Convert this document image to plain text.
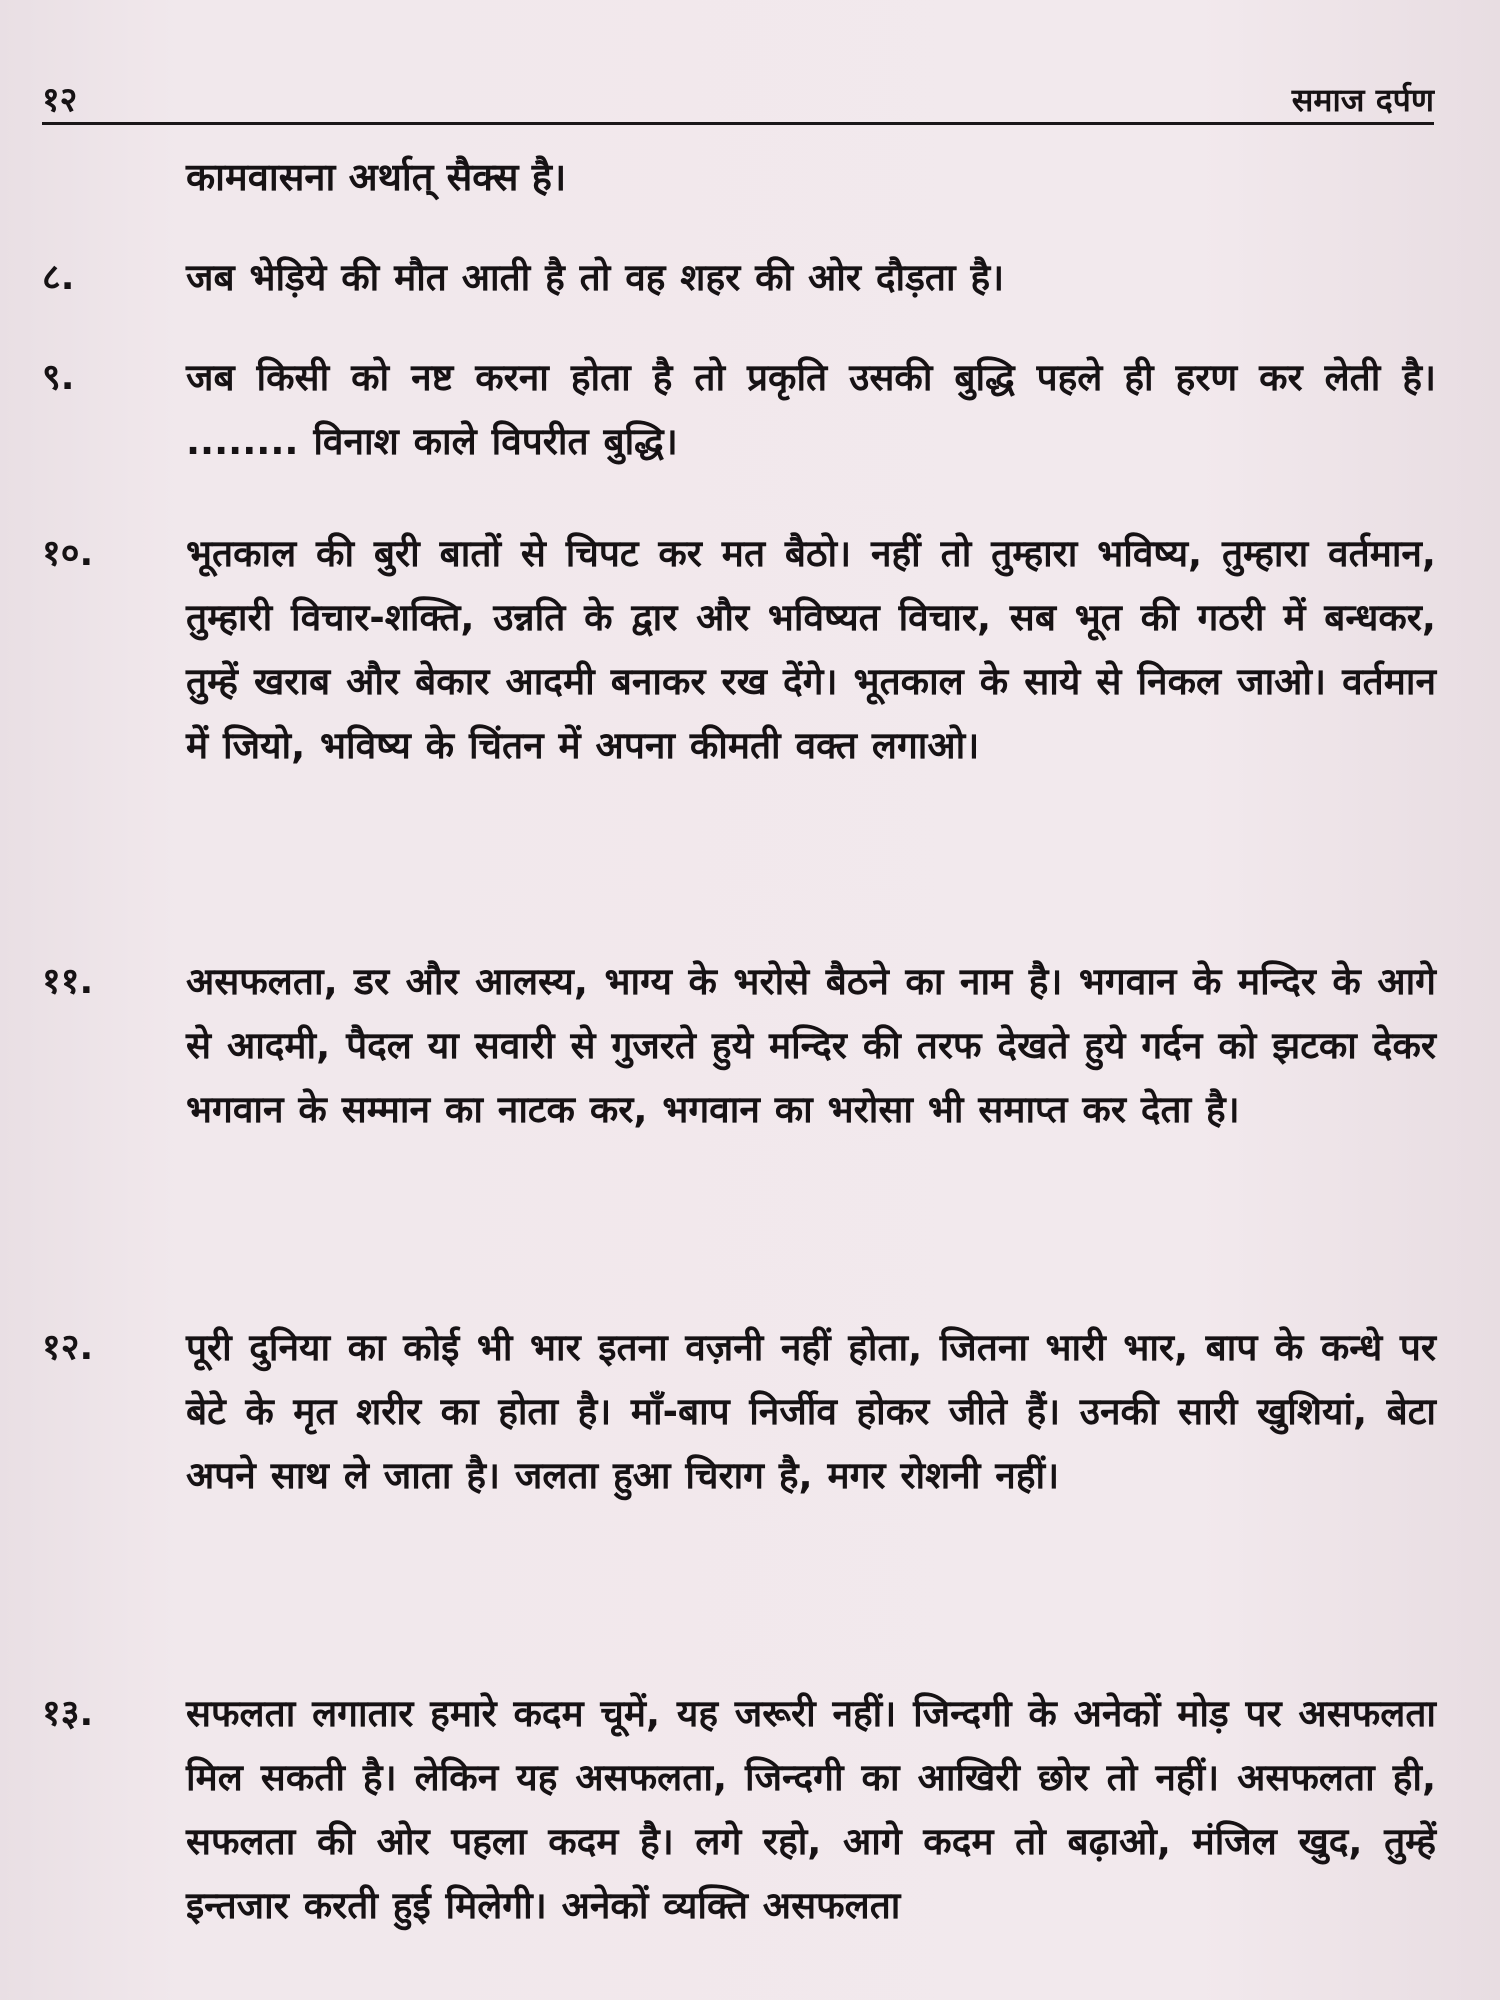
१२	समाज दर्पण
कामवासना अर्थात् सैक्स है।
८.	जब भेड़िये की मौत आती है तो वह शहर की ओर दौड़ता है।
९.	जब किसी को नष्ट करना होता है तो प्रकृति उसकी बुद्धि पहले ही हरण कर लेती है। ........ विनाश काले विपरीत बुद्धि।
१०.	भूतकाल की बुरी बातों से चिपट कर मत बैठो। नहीं तो तुम्हारा भविष्य, तुम्हारा वर्तमान, तुम्हारी विचार-शक्ति, उन्नति के द्वार और भविष्यत विचार, सब भूत की गठरी में बन्धकर, तुम्हें खराब और बेकार आदमी बनाकर रख देंगे। भूतकाल के साये से निकल जाओ। वर्तमान में जियो, भविष्य के चिंतन में अपना कीमती वक्त लगाओ।
११.	असफलता, डर और आलस्य, भाग्य के भरोसे बैठने का नाम है। भगवान के मन्दिर के आगे से आदमी, पैदल या सवारी से गुजरते हुये मन्दिर की तरफ देखते हुये गर्दन को झटका देकर भगवान के सम्मान का नाटक कर, भगवान का भरोसा भी समाप्त कर देता है।
१२.	पूरी दुनिया का कोई भी भार इतना वज़नी नहीं होता, जितना भारी भार, बाप के कन्धे पर बेटे के मृत शरीर का होता है। माँ-बाप निर्जीव होकर जीते हैं। उनकी सारी खुशियां, बेटा अपने साथ ले जाता है। जलता हुआ चिराग है, मगर रोशनी नहीं।
१३.	सफलता लगातार हमारे कदम चूमें, यह जरूरी नहीं। जिन्दगी के अनेकों मोड़ पर असफलता मिल सकती है। लेकिन यह असफलता, जिन्दगी का आखिरी छोर तो नहीं। असफलता ही, सफलता की ओर पहला कदम है। लगे रहो, आगे कदम तो बढ़ाओ, मंजिल खुद, तुम्हें इन्तजार करती हुई मिलेगी। अनेकों व्यक्ति असफलता
